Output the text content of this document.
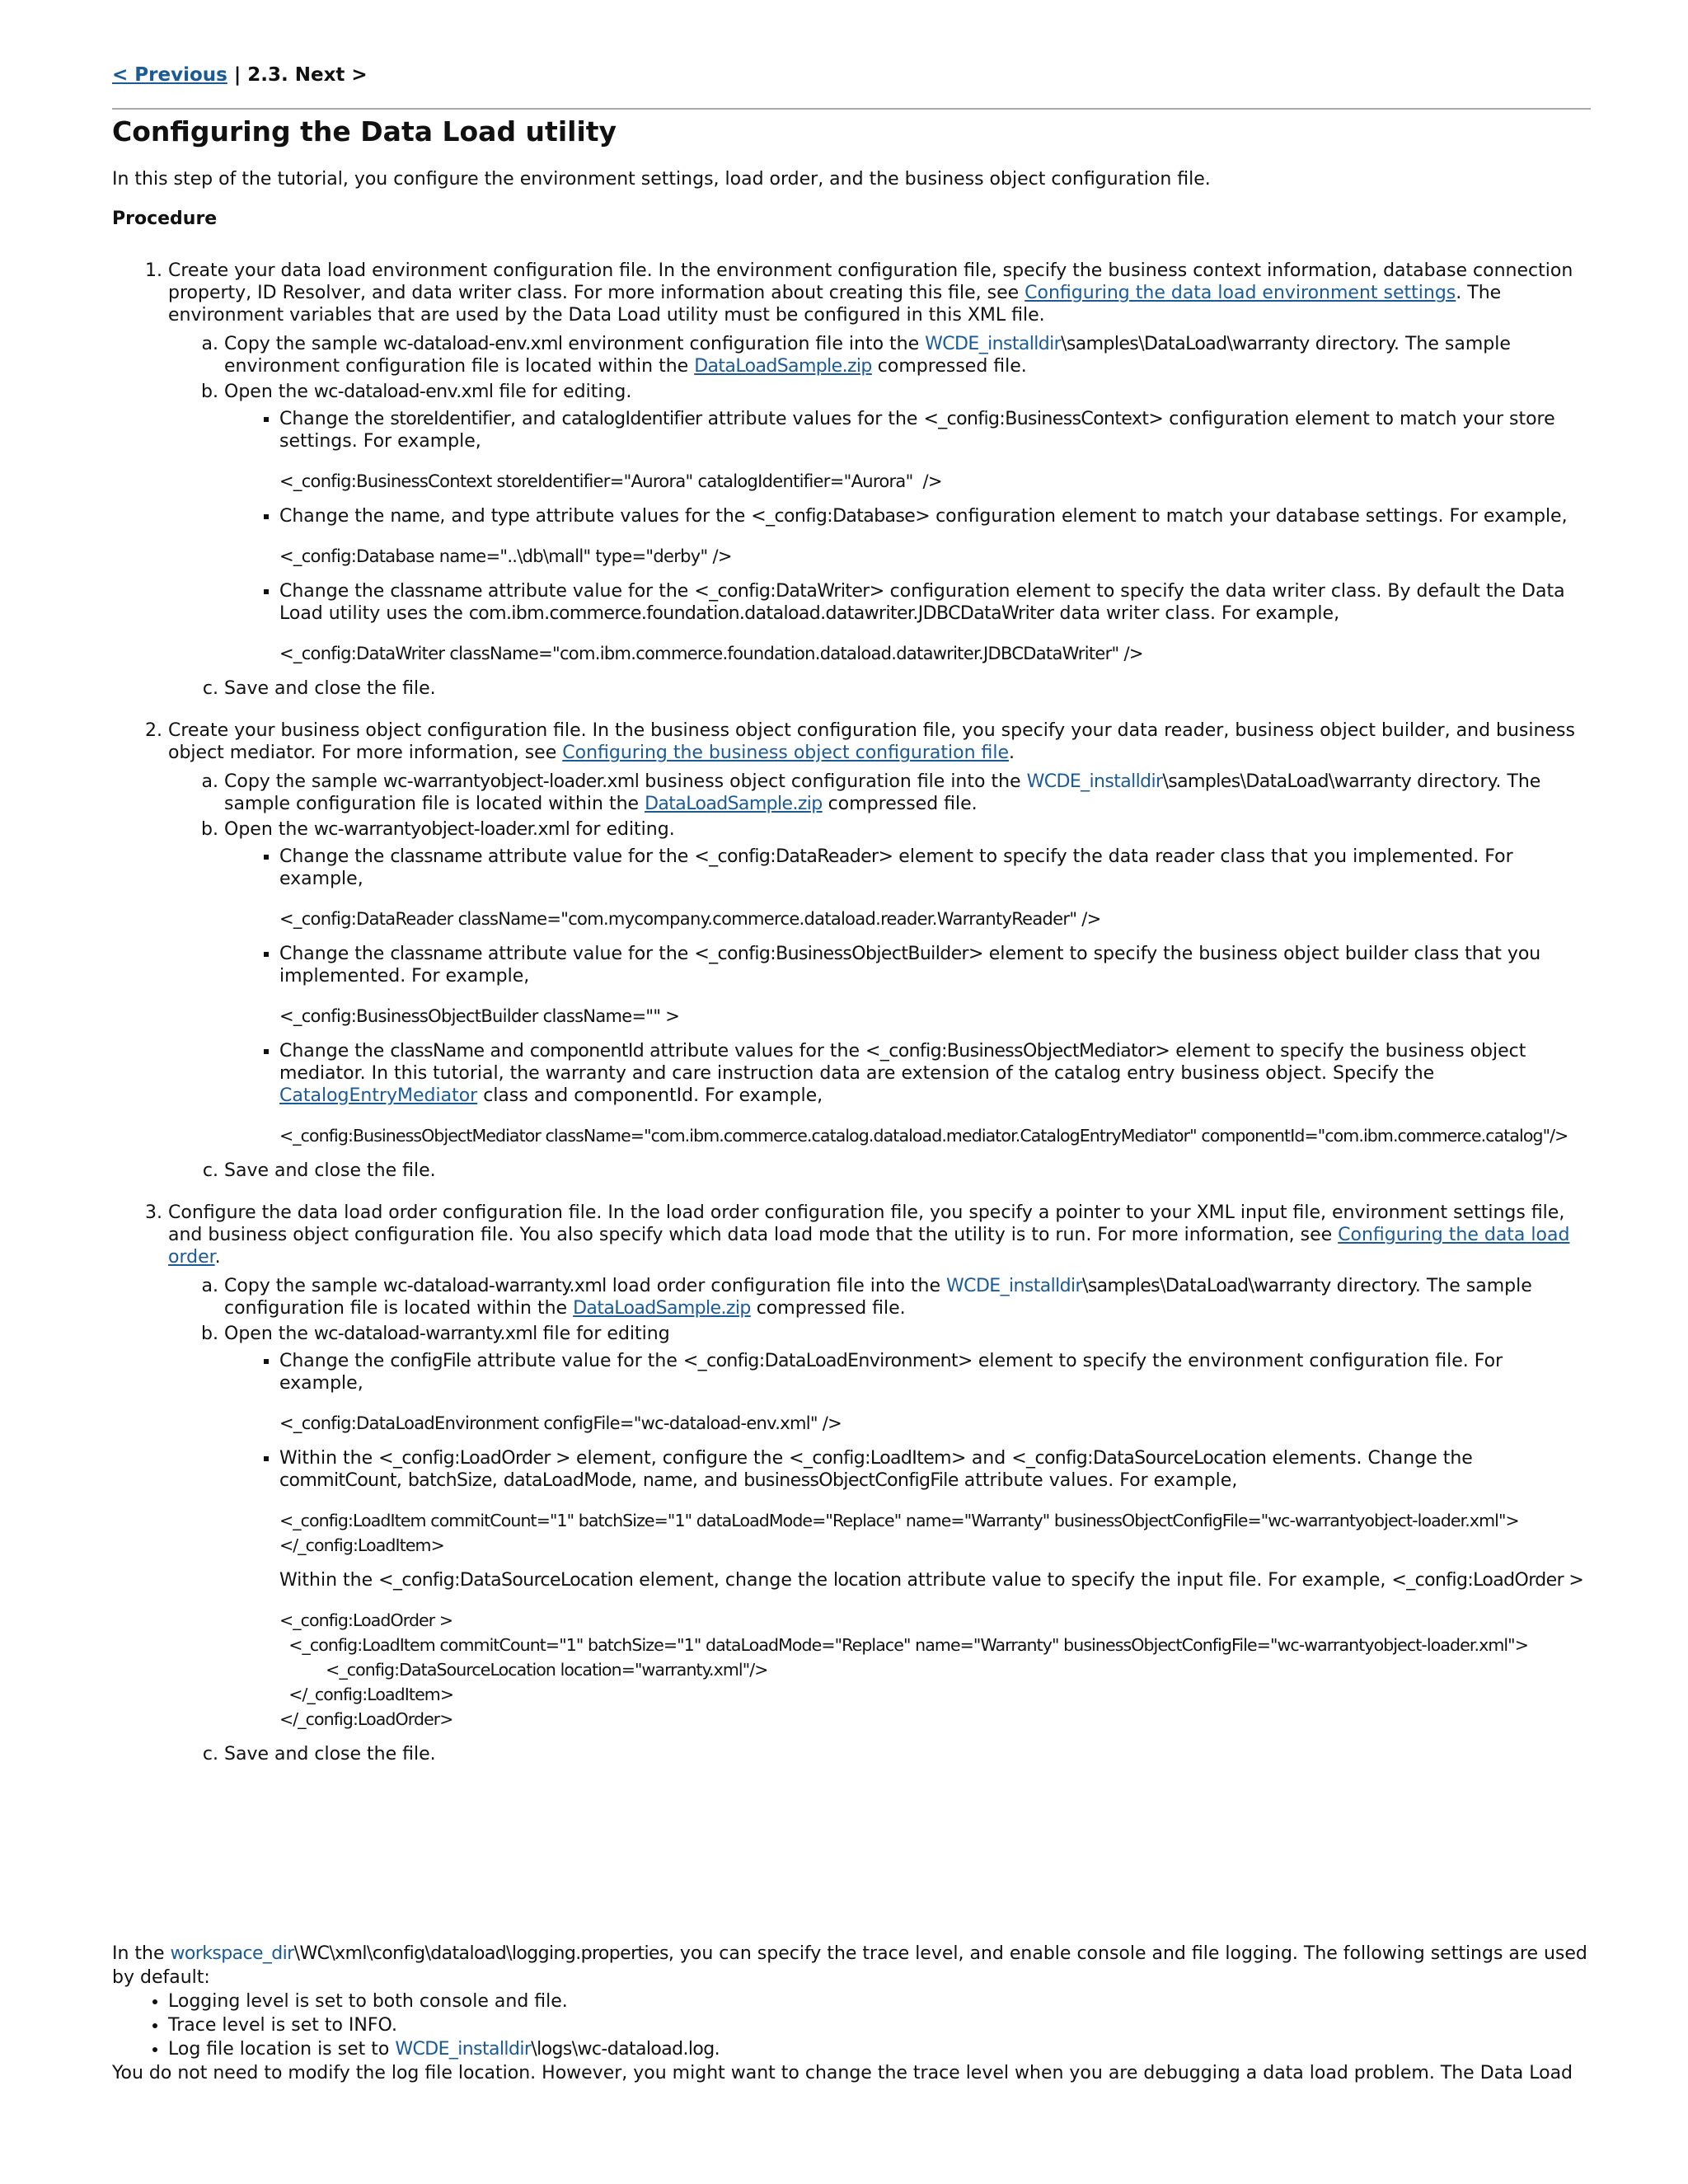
< Previous | 2.3. Next >
Configuring the Data Load utility

In this step of the tutorial, you configure the environment settings, load order, and the business object configuration file.

Procedure

1. Create your data load environment configuration file. In the environment configuration file, specify the business context information, database connection property, ID Resolver, and data writer class. For more information about creating this file, see Configuring the data load environment settings. The environment variables that are used by the Data Load utility must be configured in this XML file.
a. Copy the sample wc-dataload-env.xml environment configuration file into the WCDE_installdir\samples\DataLoad\warranty directory. The sample environment configuration file is located within the DataLoadSample.zip compressed file.
b. Open the wc-dataload-env.xml file for editing.
▪ Change the storeIdentifier, and catalogIdentifier attribute values for the <_config:BusinessContext> configuration element to match your store settings. For example,
<_config:BusinessContext storeIdentifier="Aurora" catalogIdentifier="Aurora"  />
▪ Change the name, and type attribute values for the <_config:Database> configuration element to match your database settings. For example,
<_config:Database name="..\db\mall" type="derby" />
▪ Change the classname attribute value for the <_config:DataWriter> configuration element to specify the data writer class. By default the Data Load utility uses the com.ibm.commerce.foundation.dataload.datawriter.JDBCDataWriter data writer class. For example,
<_config:DataWriter className="com.ibm.commerce.foundation.dataload.datawriter.JDBCDataWriter" />
c. Save and close the file.
2. Create your business object configuration file. In the business object configuration file, you specify your data reader, business object builder, and business object mediator. For more information, see Configuring the business object configuration file.
a. Copy the sample wc-warrantyobject-loader.xml business object configuration file into the WCDE_installdir\samples\DataLoad\warranty directory. The sample configuration file is located within the DataLoadSample.zip compressed file.
b. Open the wc-warrantyobject-loader.xml for editing.
▪ Change the classname attribute value for the <_config:DataReader> element to specify the data reader class that you implemented. For example,
<_config:DataReader className="com.mycompany.commerce.dataload.reader.WarrantyReader" />
▪ Change the classname attribute value for the <_config:BusinessObjectBuilder> element to specify the business object builder class that you implemented. For example,
<_config:BusinessObjectBuilder className="" >
▪ Change the className and componentId attribute values for the <_config:BusinessObjectMediator> element to specify the business object mediator. In this tutorial, the warranty and care instruction data are extension of the catalog entry business object. Specify the CatalogEntryMediator class and componentId. For example,
<_config:BusinessObjectMediator className="com.ibm.commerce.catalog.dataload.mediator.CatalogEntryMediator" componentId="com.ibm.commerce.catalog"/>
c. Save and close the file.
3. Configure the data load order configuration file. In the load order configuration file, you specify a pointer to your XML input file, environment settings file, and business object configuration file. You also specify which data load mode that the utility is to run. For more information, see Configuring the data load order.
a. Copy the sample wc-dataload-warranty.xml load order configuration file into the WCDE_installdir\samples\DataLoad\warranty directory. The sample configuration file is located within the DataLoadSample.zip compressed file.
b. Open the wc-dataload-warranty.xml file for editing
▪ Change the configFile attribute value for the <_config:DataLoadEnvironment> element to specify the environment configuration file. For example,
<_config:DataLoadEnvironment configFile="wc-dataload-env.xml" />
▪ Within the <_config:LoadOrder > element, configure the <_config:LoadItem> and <_config:DataSourceLocation elements. Change the commitCount, batchSize, dataLoadMode, name, and businessObjectConfigFile attribute values. For example,
<_config:LoadItem commitCount="1" batchSize="1" dataLoadMode="Replace" name="Warranty" businessObjectConfigFile="wc-warrantyobject-loader.xml">
</_config:LoadItem>
Within the <_config:DataSourceLocation element, change the location attribute value to specify the input file. For example, <_config:LoadOrder >
<_config:LoadOrder >
<_config:LoadItem commitCount="1" batchSize="1" dataLoadMode="Replace" name="Warranty" businessObjectConfigFile="wc-warrantyobject-loader.xml">
<_config:DataSourceLocation location="warranty.xml"/>
</_config:LoadItem>
</_config:LoadOrder>
c. Save and close the file.
In the workspace_dir\WC\xml\config\dataload\logging.properties, you can specify the trace level, and enable console and file logging. The following settings are used by default:
• Logging level is set to both console and file.
• Trace level is set to INFO.
• Log file location is set to WCDE_installdir\logs\wc-dataload.log.
You do not need to modify the log file location. However, you might want to change the trace level when you are debugging a data load problem. The Data Load
